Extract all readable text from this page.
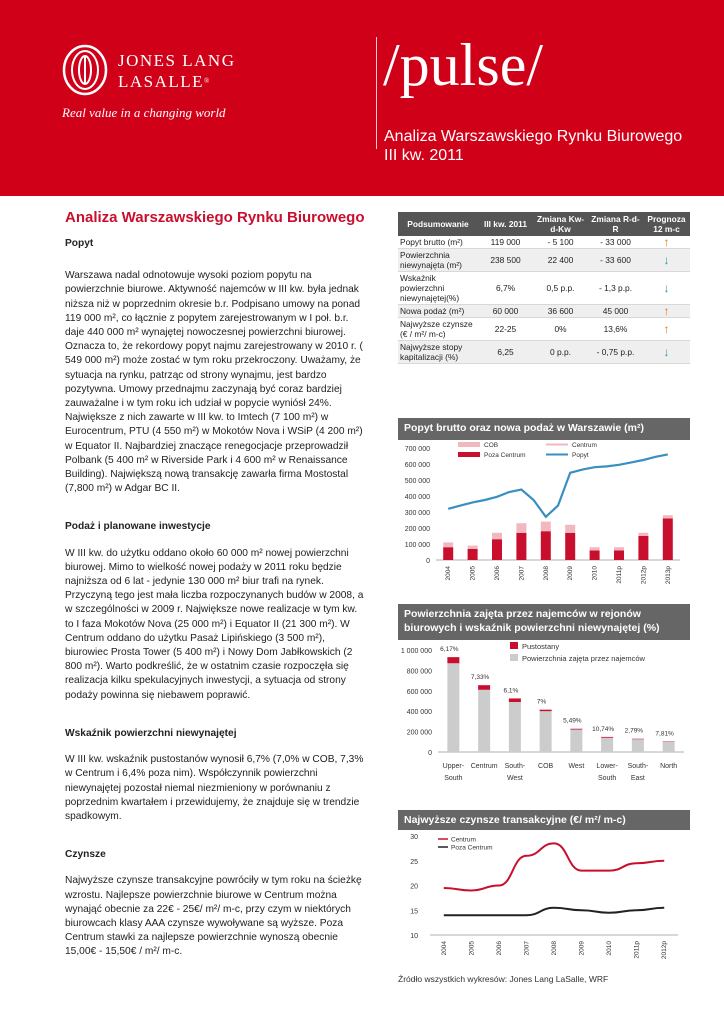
JONES LANG
LASALLE®
Real value in a changing world
/pulse/
Analiza Warszawskiego Rynku Biurowego
III kw. 2011
Analiza Warszawskiego Rynku Biurowego
Popyt
Warszawa nadal odnotowuje wysoki poziom popytu na powierzchnie biurowe. Aktywność najemców w III kw. była jednak niższa niż w poprzednim okresie b.r. Podpisano umowy na ponad 119 000 m², co łącznie z popytem zarejestrowanym w I poł. b.r. daje 440 000 m² wynajętej nowoczesnej powierzchni biurowej. Oznacza to, że rekordowy popyt najmu zarejestrowany w 2010 r. ( 549 000 m²) może zostać w tym roku przekroczony. Uważamy, że sytuacja na rynku, patrząc od strony wynajmu, jest bardzo pozytywna. Umowy przednajmu zaczynają być coraz bardziej zauważalne i w tym roku ich udział w popycie wyniósł 24%. Największe z nich zawarte w III kw. to Imtech (7 100 m²) w Eurocentrum, PTU (4 550 m²) w Mokotów Nova i WSiP (4 200 m²) w Equator II. Najbardziej znaczące renegocjacje przeprowadził Polbank (5 400 m² w Riverside Park i 4 600 m² w Renaissance Building). Największą nową transakcję zawarła firma Mostostal (7,800 m²) w Adgar BC II.
Podaż i planowane inwestycje
W III kw. do użytku oddano około 60 000 m² nowej powierzchni biurowej. Mimo to wielkość nowej podaży w 2011 roku będzie najniższa od 6 lat - jedynie 130 000 m² biur trafi na rynek. Przyczyną tego jest mała liczba rozpoczynanych budów w 2008, a w szczególności w 2009 r. Największe nowe realizacje w tym kw. to I faza Mokotów Nova (25 000 m²) i Equator II (21 300 m²). W Centrum oddano do użytku Pasaż Lipińskiego (3 500 m²), biurowiec Prosta Tower (5 400 m²) i Nowy Dom Jabłkowskich (2 800 m²). Warto podkreślić, że w ostatnim czasie rozpoczęła się realizacja kilku spekulacyjnych inwestycji, a sytuacja od strony podaży powinna się niebawem poprawić.
Wskaźnik powierzchni niewynajętej
W III kw. wskaźnik pustostanów wynosił 6,7% (7,0% w COB, 7,3% w Centrum i 6,4% poza nim). Współczynnik powierzchni niewynajętej pozostał niemal niezmieniony w porównaniu z poprzednim kwartałem i przewidujemy, że znajduje się w trendzie spadkowym.
Czynsze
Najwyższe czynsze transakcyjne powróciły w tym roku na ścieżkę wzrostu. Najlepsze powierzchnie biurowe w Centrum można wynająć obecnie za 22€ - 25€/ m²/ m-c, przy czym w niektórych biurowcach klasy AAA czynsze wywoływane są wyższe. Poza Centrum stawki za najlepsze powierzchnie wynoszą obecnie 15,00€ - 15,50€ / m²/ m-c.
Podsumowanie	III kw. 2011	Zmiana Kw-d-Kw	Zmiana R-d-R	Prognoza 12 m-c
Popyt brutto (m²)	119 000	- 5 100	- 33 000	↑
Powierzchnia niewynajęta (m²)	238 500	22 400	- 33 600	↓
Wskaźnik powierzchni niewynajętej(%)	6,7%	0,5 p.p.	- 1,3 p.p.	↓
Nowa podaż (m²)	60 000	36 600	45 000	↑
Najwyższe czynsze (€ / m²/ m-c)	22-25	0%	13,6%	↑
Najwyższe stopy kapitalizacji (%)	6,25	0 p.p.	- 0,75 p.p.	↓
Popyt brutto oraz nowa podaż w Warszawie (m²)
700 000
600 000
500 000
400 000
300 000
200 000
100 000
0
2004	2005	2006	2007	2008	2009	2010	2011p	2012p	2013p
COB	Centrum
Poza Centrum	Popyt
Powierzchnia zajęta przez najemców w rejonów biurowych i wskaźnik powierzchni niewynajętej (%)
1 000 000
800 000
600 000
400 000
200 000
0
6,17%
Upper-
South
7,33%
Centrum
6,1%
South-
West
7%
COB
5,49%
West
10,74%
Lower-
South
2,79%
South-
East
7,81%
North
Pustostany
Powierzchnia zajęta przez najemców
Najwyższe czynsze transakcyjne (€/ m²/ m-c)
30
25
20
15
10
2004	2005	2006	2007	2008	2009	2010	2011p	2012p
Centrum
Poza Centrum
Źródło wszystkich wykresów: Jones Lang LaSalle, WRF
